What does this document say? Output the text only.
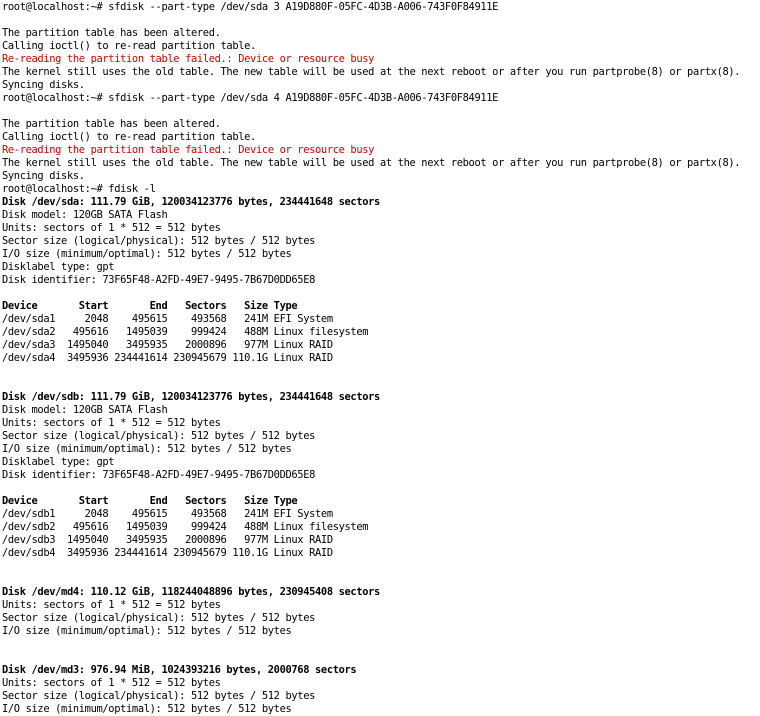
root@localhost:~# sfdisk --part-type /dev/sda 3 A19D880F-05FC-4D3B-A006-743F0F84911E
The partition table has been altered.
Calling ioctl() to re-read partition table.
Re-reading the partition table failed.: Device or resource busy
The kernel still uses the old table. The new table will be used at the next reboot or after you run partprobe(8) or partx(8).
Syncing disks.
root@localhost:~# sfdisk --part-type /dev/sda 4 A19D880F-05FC-4D3B-A006-743F0F84911E
The partition table has been altered.
Calling ioctl() to re-read partition table.
Re-reading the partition table failed.: Device or resource busy
The kernel still uses the old table. The new table will be used at the next reboot or after you run partprobe(8) or partx(8).
Syncing disks.
root@localhost:~# fdisk -l
Disk /dev/sda: 111.79 GiB, 120034123776 bytes, 234441648 sectors
Disk model: 120GB SATA Flash
Units: sectors of 1 * 512 = 512 bytes
Sector size (logical/physical): 512 bytes / 512 bytes
I/O size (minimum/optimal): 512 bytes / 512 bytes
Disklabel type: gpt
Disk identifier: 73F65F48-A2FD-49E7-9495-7B67D0DD65E8
Device       Start       End   Sectors   Size Type
/dev/sda1     2048    495615    493568   241M EFI System
/dev/sda2   495616   1495039    999424   488M Linux filesystem
/dev/sda3  1495040   3495935   2000896   977M Linux RAID
/dev/sda4  3495936 234441614 230945679 110.1G Linux RAID
Disk /dev/sdb: 111.79 GiB, 120034123776 bytes, 234441648 sectors
Disk model: 120GB SATA Flash
Units: sectors of 1 * 512 = 512 bytes
Sector size (logical/physical): 512 bytes / 512 bytes
I/O size (minimum/optimal): 512 bytes / 512 bytes
Disklabel type: gpt
Disk identifier: 73F65F48-A2FD-49E7-9495-7B67D0DD65E8
Device       Start       End   Sectors   Size Type
/dev/sdb1     2048    495615    493568   241M EFI System
/dev/sdb2   495616   1495039    999424   488M Linux filesystem
/dev/sdb3  1495040   3495935   2000896   977M Linux RAID
/dev/sdb4  3495936 234441614 230945679 110.1G Linux RAID
Disk /dev/md4: 110.12 GiB, 118244048896 bytes, 230945408 sectors
Units: sectors of 1 * 512 = 512 bytes
Sector size (logical/physical): 512 bytes / 512 bytes
I/O size (minimum/optimal): 512 bytes / 512 bytes
Disk /dev/md3: 976.94 MiB, 1024393216 bytes, 2000768 sectors
Units: sectors of 1 * 512 = 512 bytes
Sector size (logical/physical): 512 bytes / 512 bytes
I/O size (minimum/optimal): 512 bytes / 512 bytes
